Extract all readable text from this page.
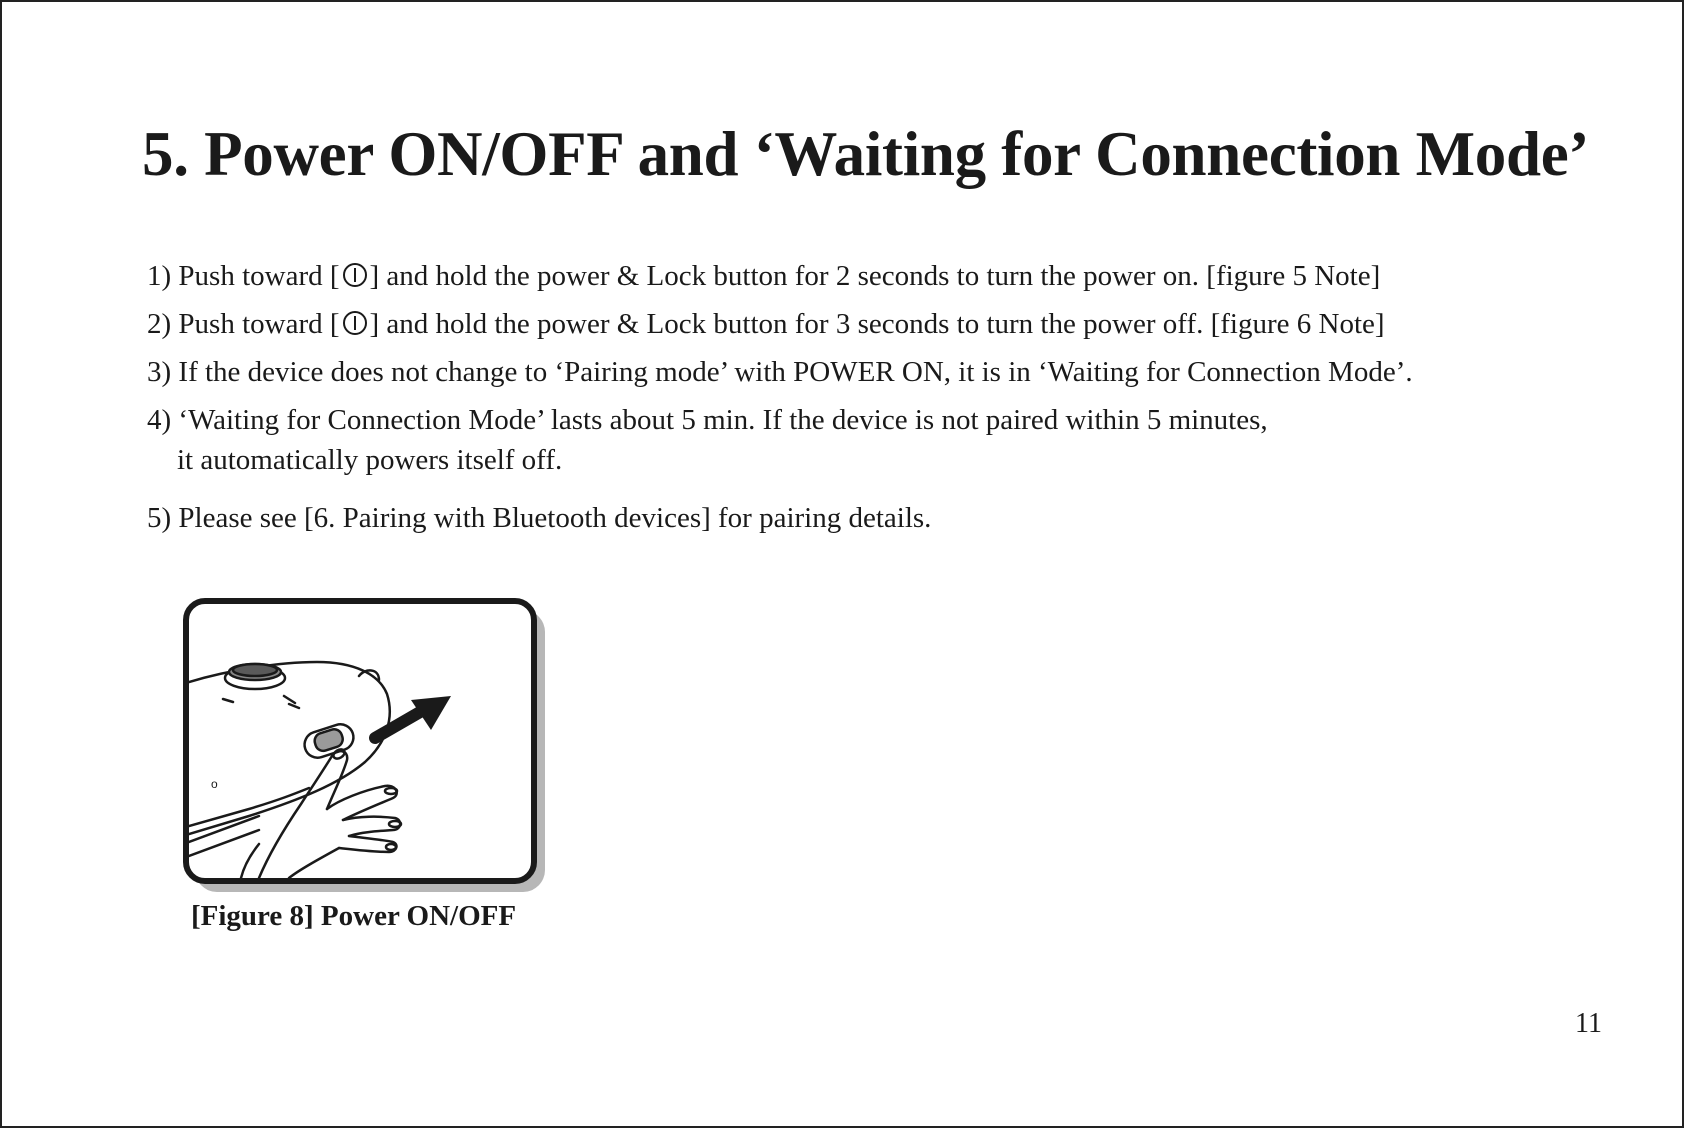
5. Power ON/OFF and ‘Waiting for Connection Mode’
1) Push toward [ ] and hold the power & Lock button for 2 seconds to turn the power on. [figure 5 Note]
2) Push toward [ ] and hold the power & Lock button for 3 seconds to turn the power off. [figure 6 Note]
3) If the device does not change to ‘Pairing mode’ with POWER ON, it is in ‘Waiting for Connection Mode’.
4) ‘Waiting for Connection Mode’ lasts about 5 min. If the device is not paired within 5 minutes,
it automatically powers itself off.
5) Please see [6. Pairing with Bluetooth devices] for pairing details.
o
[Figure 8] Power ON/OFF
11
